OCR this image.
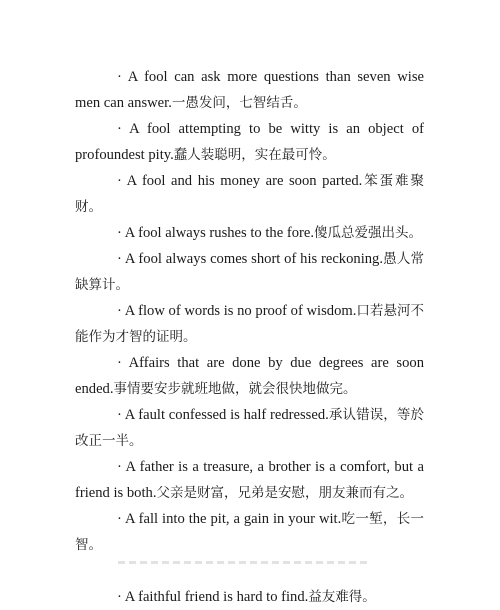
· A fool can ask more questions than seven wise men can answer.一愚发问，七智结舌。

· A fool attempting to be witty is an object of profoundest pity.蠢人装聪明，实在最可怜。

· A fool and his money are soon parted.笨蛋难聚财。

· A fool always rushes to the fore.傻瓜总爱强出头。

· A fool always comes short of his reckoning.愚人常缺算计。

· A flow of words is no proof of wisdom.口若悬河不能作为才智的证明。

· Affairs that are done by due degrees are soon ended.事情要安步就班地做，就会很快地做完。

· A fault confessed is half redressed.承认错误，等於改正一半。

· A father is a treasure, a brother is a comfort, but a friend is both.父亲是财富，兄弟是安慰，朋友兼而有之。

· A fall into the pit, a gain in your wit.吃一堑，长一智。

· A faithful friend is hard to find.益友难得。
